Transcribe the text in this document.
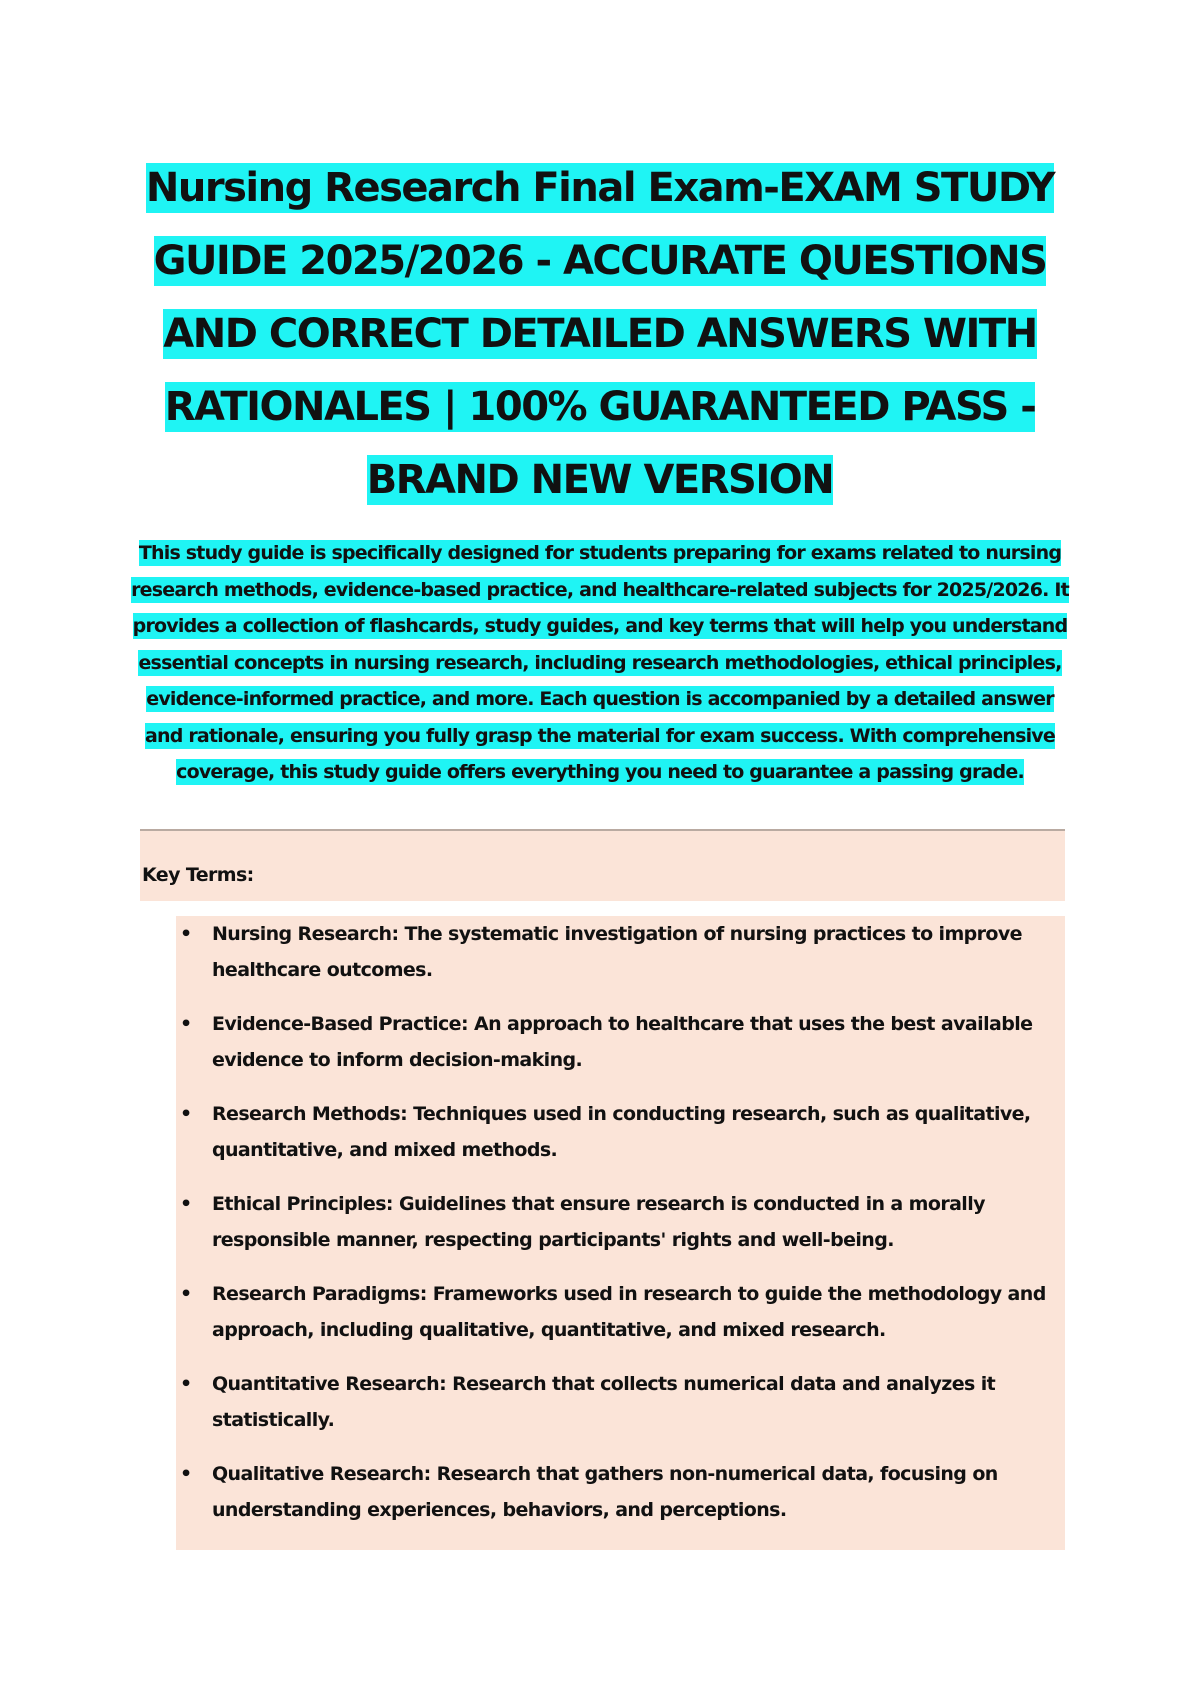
Nursing Research Final Exam-EXAM STUDY
GUIDE 2025/2026 - ACCURATE QUESTIONS
AND CORRECT DETAILED ANSWERS WITH
RATIONALES | 100% GUARANTEED PASS -
BRAND NEW VERSION
This study guide is specifically designed for students preparing for exams related to nursing
research methods, evidence-based practice, and healthcare-related subjects for 2025/2026. It
provides a collection of flashcards, study guides, and key terms that will help you understand
essential concepts in nursing research, including research methodologies, ethical principles,
evidence-informed practice, and more. Each question is accompanied by a detailed answer
and rationale, ensuring you fully grasp the material for exam success. With comprehensive
coverage, this study guide offers everything you need to guarantee a passing grade.
Key Terms:
• Nursing Research: The systematic investigation of nursing practices to improve
healthcare outcomes.
• Evidence-Based Practice: An approach to healthcare that uses the best available
evidence to inform decision-making.
• Research Methods: Techniques used in conducting research, such as qualitative,
quantitative, and mixed methods.
• Ethical Principles: Guidelines that ensure research is conducted in a morally
responsible manner, respecting participants' rights and well-being.
• Research Paradigms: Frameworks used in research to guide the methodology and
approach, including qualitative, quantitative, and mixed research.
• Quantitative Research: Research that collects numerical data and analyzes it
statistically.
• Qualitative Research: Research that gathers non-numerical data, focusing on
understanding experiences, behaviors, and perceptions.
